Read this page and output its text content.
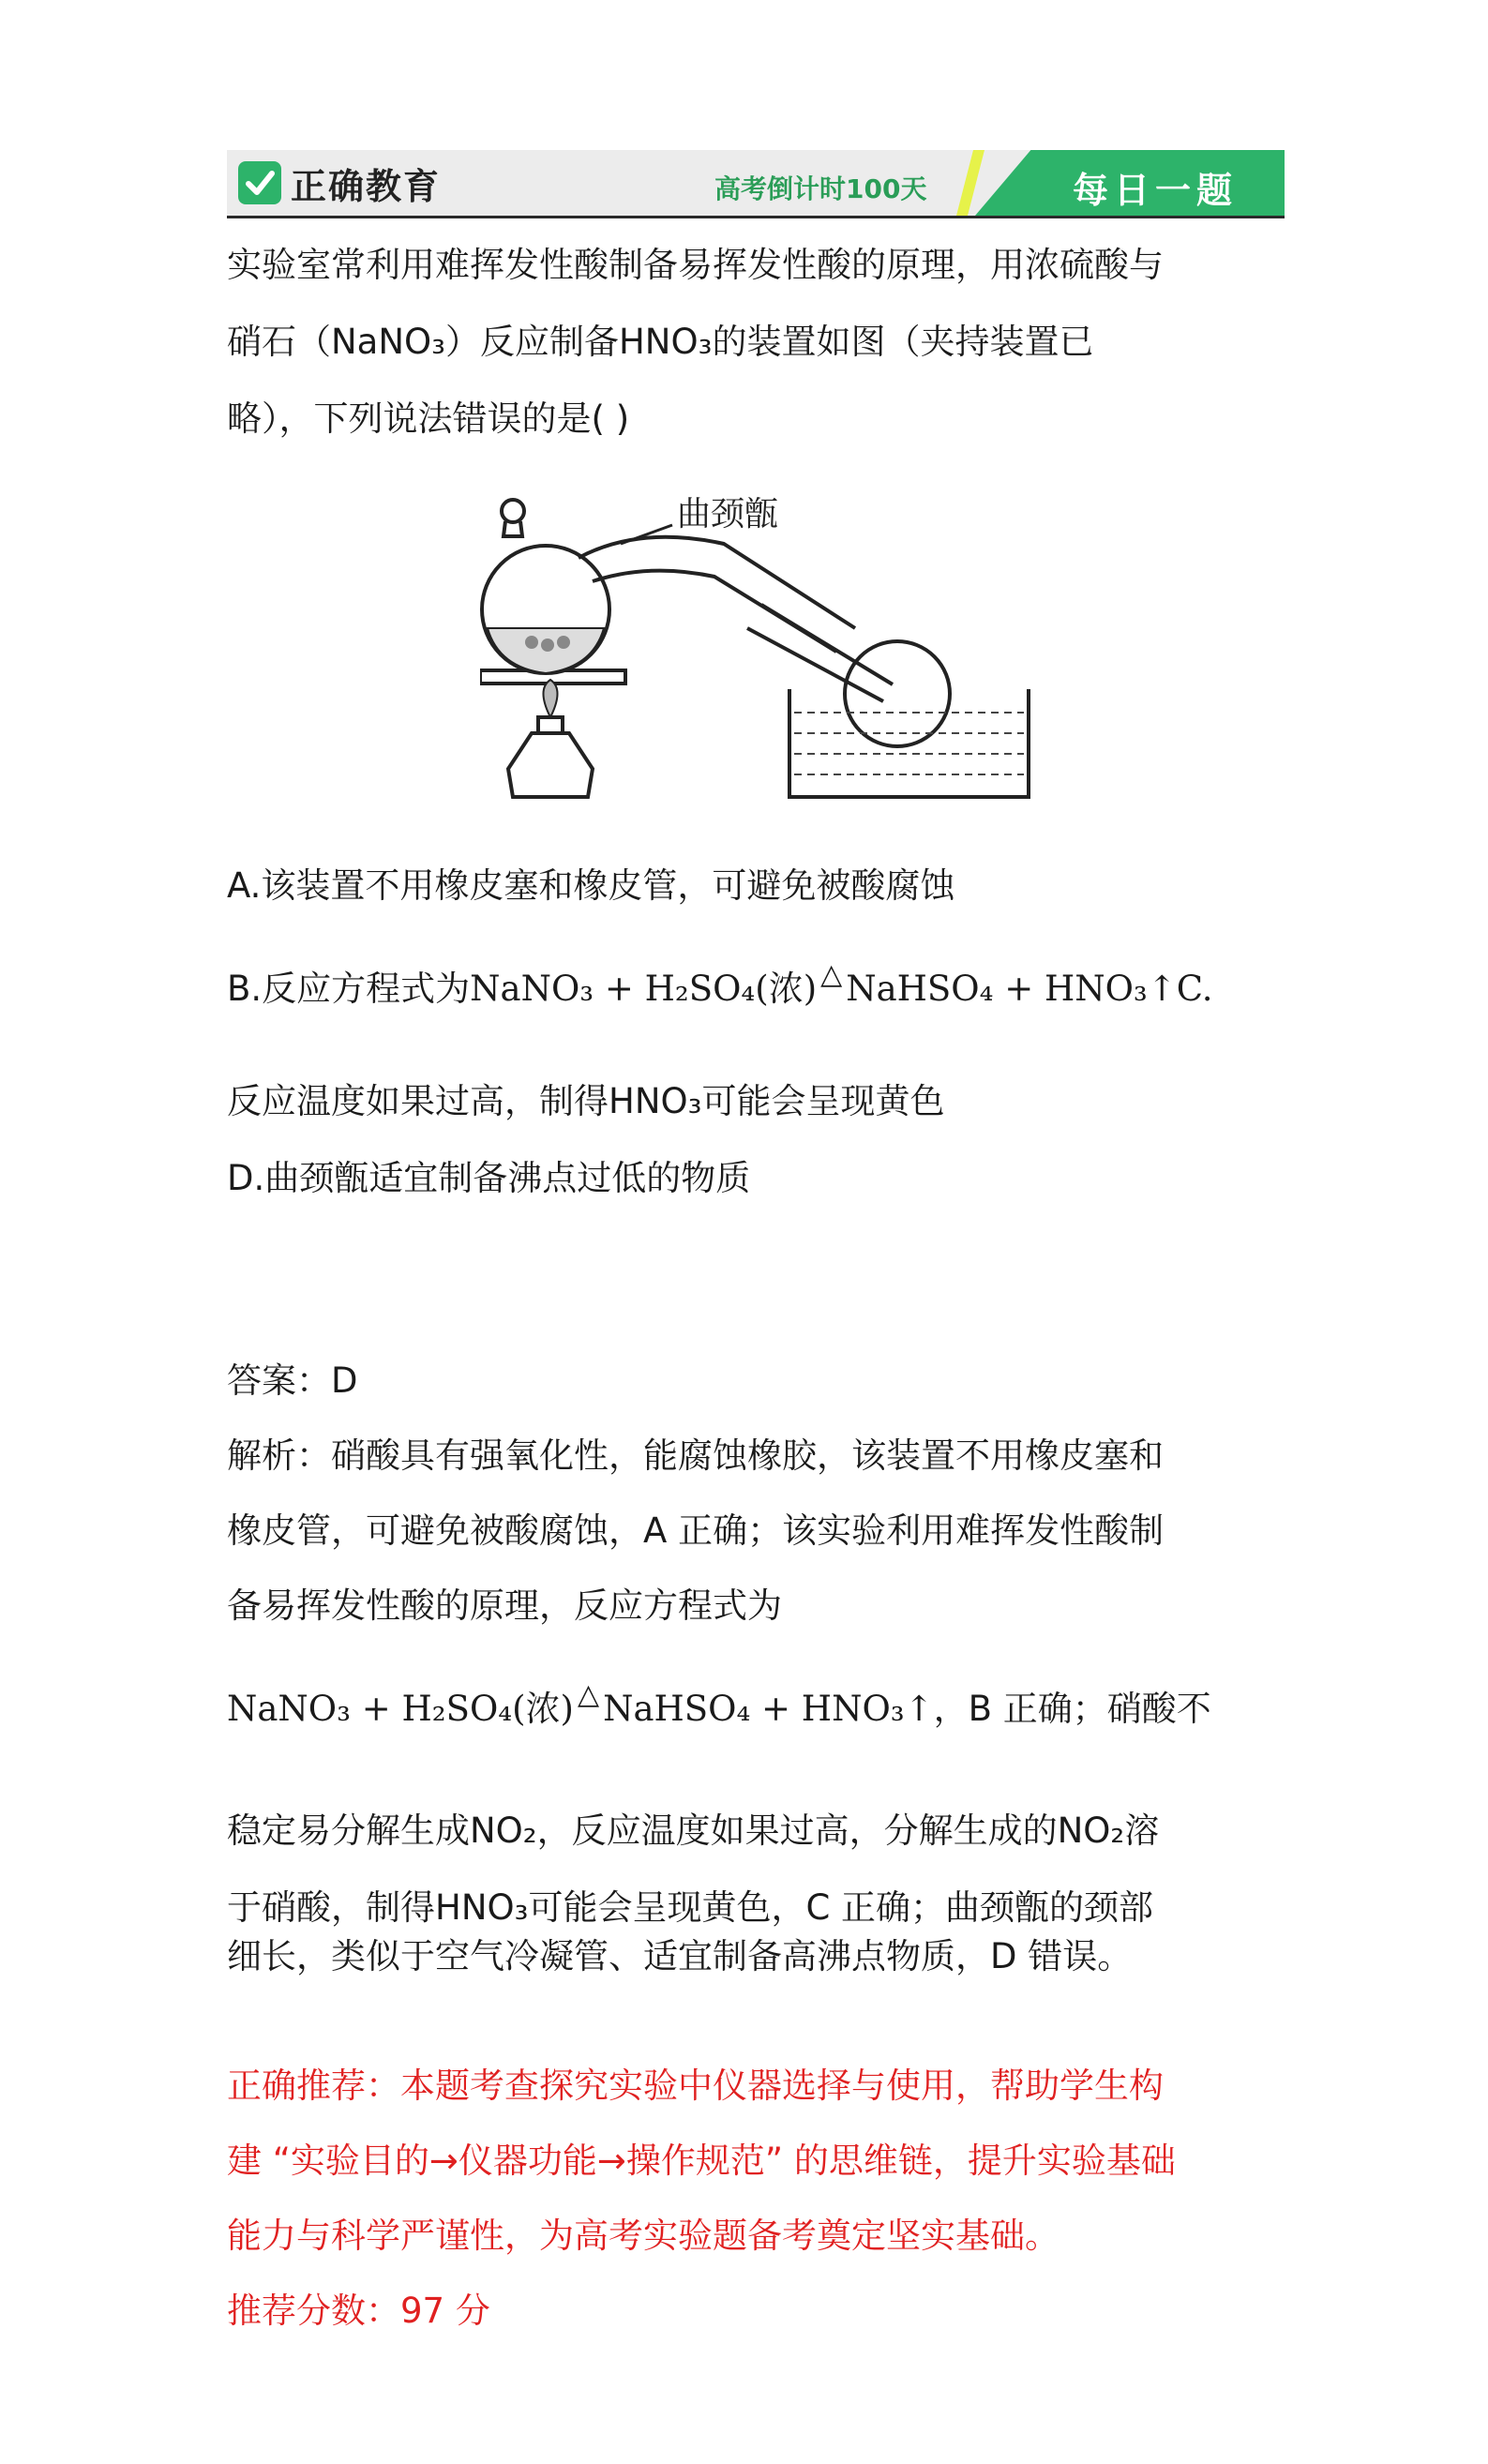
正确教育	高考倒计时100天	每日一题
实验室常利用难挥发性酸制备易挥发性酸的原理，用浓硫酸与
硝石（NaNO₃）反应制备HNO₃的装置如图（夹持装置已
略），下列说法错误的是( )
曲颈甑
A.该装置不用橡皮塞和橡皮管，可避免被酸腐蚀
B.反应方程式为NaNO₃ + H₂SO₄(浓) △ NaHSO₄ + HNO₃↑C.
反应温度如果过高，制得HNO₃可能会呈现黄色
D.曲颈甑适宜制备沸点过低的物质
答案：D
解析：硝酸具有强氧化性，能腐蚀橡胶，该装置不用橡皮塞和
橡皮管，可避免被酸腐蚀，A 正确；该实验利用难挥发性酸制
备易挥发性酸的原理，反应方程式为
NaNO₃ + H₂SO₄(浓) △ NaHSO₄ + HNO₃↑，B 正确；硝酸不
稳定易分解生成NO₂，反应温度如果过高，分解生成的NO₂溶
于硝酸，制得HNO₃可能会呈现黄色，C 正确；曲颈甑的颈部
细长，类似于空气冷凝管、适宜制备高沸点物质，D 错误。
正确推荐：本题考查探究实验中仪器选择与使用，帮助学生构
建 “实验目的→仪器功能→操作规范” 的思维链，提升实验基础
能力与科学严谨性，为高考实验题备考奠定坚实基础。
推荐分数：97 分
